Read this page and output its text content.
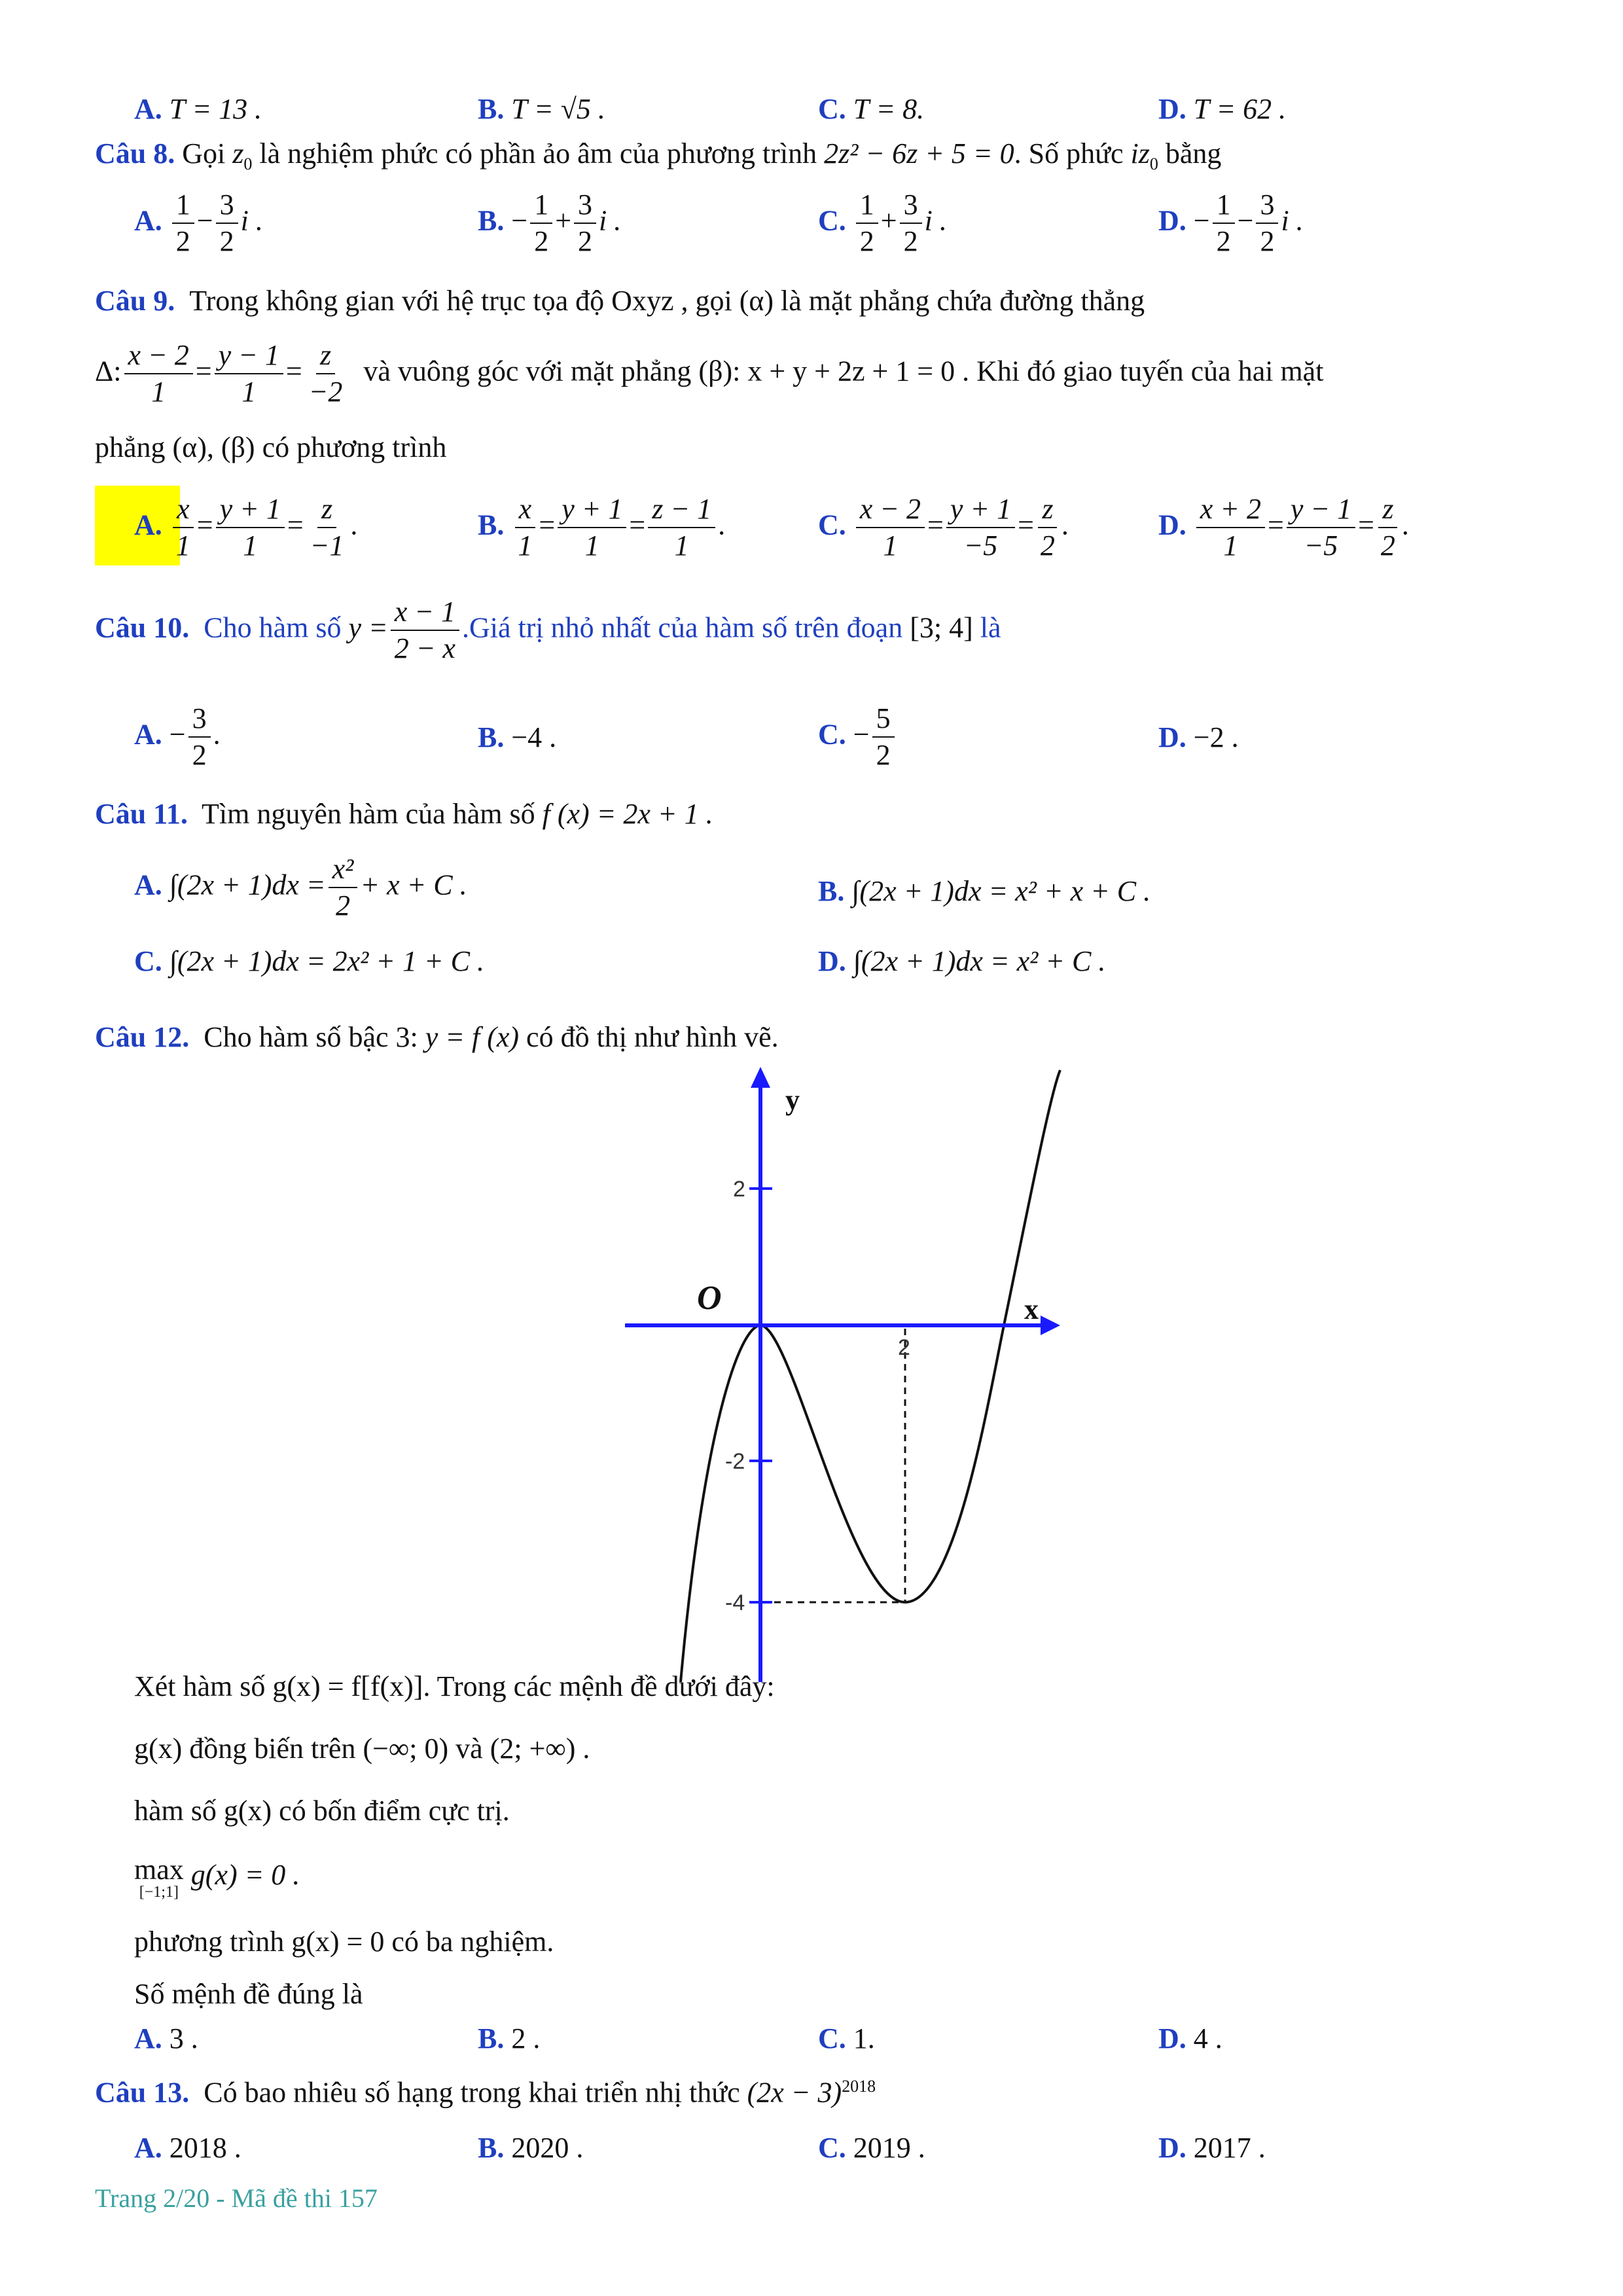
A. T = 13 .	B. T = √5 .	C. T = 8.	D. T = 62 .
Câu 8. Gọi $z_0$ là nghiệm phức có phần ảo âm của phương trình 2z² − 6z + 5 = 0. Số phức $iz_0$ bằng
A. $\frac{1}{2} - \frac{3}{2}$ i .	B. − $\frac{1}{2} + \frac{3}{2}$ i .	C. $\frac{1}{2} + \frac{3}{2}$ i .	D. − $\frac{1}{2} - \frac{3}{2}$ i .
Câu 9. Trong không gian với hệ trục tọa độ Oxyz , gọi (α) là mặt phẳng chứa đường thẳng
Δ: $\frac{x - 2}{1} = \frac{y - 1}{1} = \frac{z}{-2}$ và vuông góc với mặt phẳng (β): x + y + 2z + 1 = 0 . Khi đó giao tuyến của hai mặt
phẳng (α), (β) có phương trình
A. $\frac{x}{1} = \frac{y + 1}{1} = \frac{z}{-1}$ .	B. $\frac{x}{1} = \frac{y + 1}{1} = \frac{z - 1}{1}$ .	C. $\frac{x - 2}{1} = \frac{y + 1}{-5} = \frac{z}{2}$ .	D. $\frac{x + 2}{1} = \frac{y - 1}{-5} = \frac{z}{2}$ .
Câu 10. Cho hàm số $y = \frac{x - 1}{2 - x}$ .Giá trị nhỏ nhất của hàm số trên đoạn [3; 4] là
A. − $\frac{3}{2}$ .	B. −4 .	C. − $\frac{5}{2}$	D. −2 .
Câu 11. Tìm nguyên hàm của hàm số f (x) = 2x + 1 .
A. $\int(2x + 1)dx = \frac{\text{x²}}{2} + x + C$ .	B. ∫(2x + 1)dx = x² + x + C .
C. ∫(2x + 1)dx = 2x² + 1 + C .	D. ∫(2x + 1)dx = x² + C .
Câu 12. Cho hàm số bậc 3: y = f (x) có đồ thị như hình vẽ.
y
x
O
2
-2
-4
2
Xét hàm số g(x) = f[f(x)]. Trong các mệnh đề dưới đây:
g(x) đồng biến trên (−∞; 0) và (2; +∞) .
hàm số g(x) có bốn điểm cực trị.
max
[−1;1]
g(x) = 0 .
phương trình g(x) = 0 có ba nghiệm.
Số mệnh đề đúng là
A. 3 .	B. 2 .	C. 1.	D. 4 .
Câu 13. Có bao nhiêu số hạng trong khai triển nhị thức $(2x - 3)^{2018}$
A. 2018 .	B. 2020 .	C. 2019 .	D. 2017 .
Trang 2/20 - Mã đề thi 157
